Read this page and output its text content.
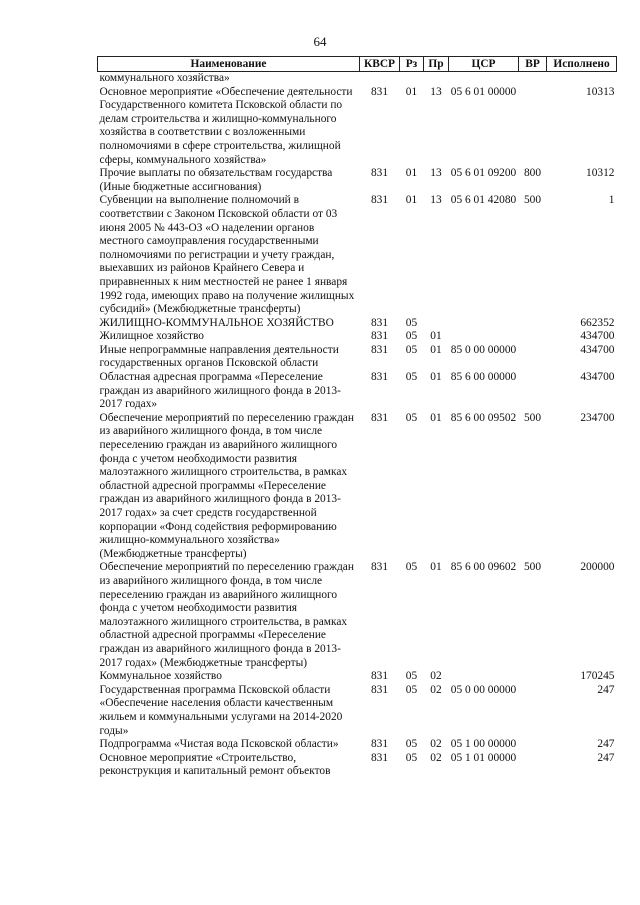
64
Наименование	КВСР	Рз	Пр	ЦСР	ВР	Исполнено
коммунального хозяйства»						
Основное мероприятие «Обеспечение деятельности Государственного комитета Псковской области по делам строительства и жилищно-коммунального хозяйства в соответствии с возложенными полномочиями в сфере строительства, жилищной сферы, коммунального хозяйства»	831	01	13	05 6 01 00000		10313
Прочие выплаты по обязательствам государства (Иные бюджетные ассигнования)	831	01	13	05 6 01 09200	800	10312
Субвенции на выполнение полномочий в соответствии с Законом Псковской области от 03 июня 2005 № 443-ОЗ «О наделении органов местного самоуправления государственными полномочиями по регистрации и учету граждан, выехавших из районов Крайнего Севера и приравненных к ним местностей не ранее 1 января 1992 года, имеющих право на получение жилищных субсидий» (Межбюджетные трансферты)	831	01	13	05 6 01 42080	500	1
ЖИЛИЩНО-КОММУНАЛЬНОЕ ХОЗЯЙСТВО	831	05				662352
Жилищное хозяйство	831	05	01			434700
Иные непрограммные направления деятельности государственных органов Псковской области	831	05	01	85 0 00 00000		434700
Областная адресная программа «Переселение граждан из аварийного жилищного фонда в 2013-2017 годах»	831	05	01	85 6 00 00000		434700
Обеспечение мероприятий по переселению граждан из аварийного жилищного фонда, в том числе переселению граждан из аварийного жилищного фонда с учетом необходимости развития малоэтажного жилищного строительства, в рамках областной адресной программы «Переселение граждан из аварийного жилищного фонда в 2013-2017 годах» за счет средств государственной корпорации «Фонд содействия реформированию жилищно-коммунального хозяйства» (Межбюджетные трансферты)	831	05	01	85 6 00 09502	500	234700
Обеспечение мероприятий по переселению граждан из аварийного жилищного фонда, в том числе переселению граждан из аварийного жилищного фонда с учетом необходимости развития малоэтажного жилищного строительства, в рамках областной адресной программы «Переселение граждан из аварийного жилищного фонда в 2013-2017 годах» (Межбюджетные трансферты)	831	05	01	85 6 00 09602	500	200000
Коммунальное хозяйство	831	05	02			170245
Государственная программа Псковской области «Обеспечение населения области качественным жильем и коммунальными услугами на 2014-2020 годы»	831	05	02	05 0 00 00000		247
Подпрограмма «Чистая вода Псковской области»	831	05	02	05 1 00 00000		247
Основное мероприятие «Строительство, реконструкция и капитальный ремонт объектов	831	05	02	05 1 01 00000		247
